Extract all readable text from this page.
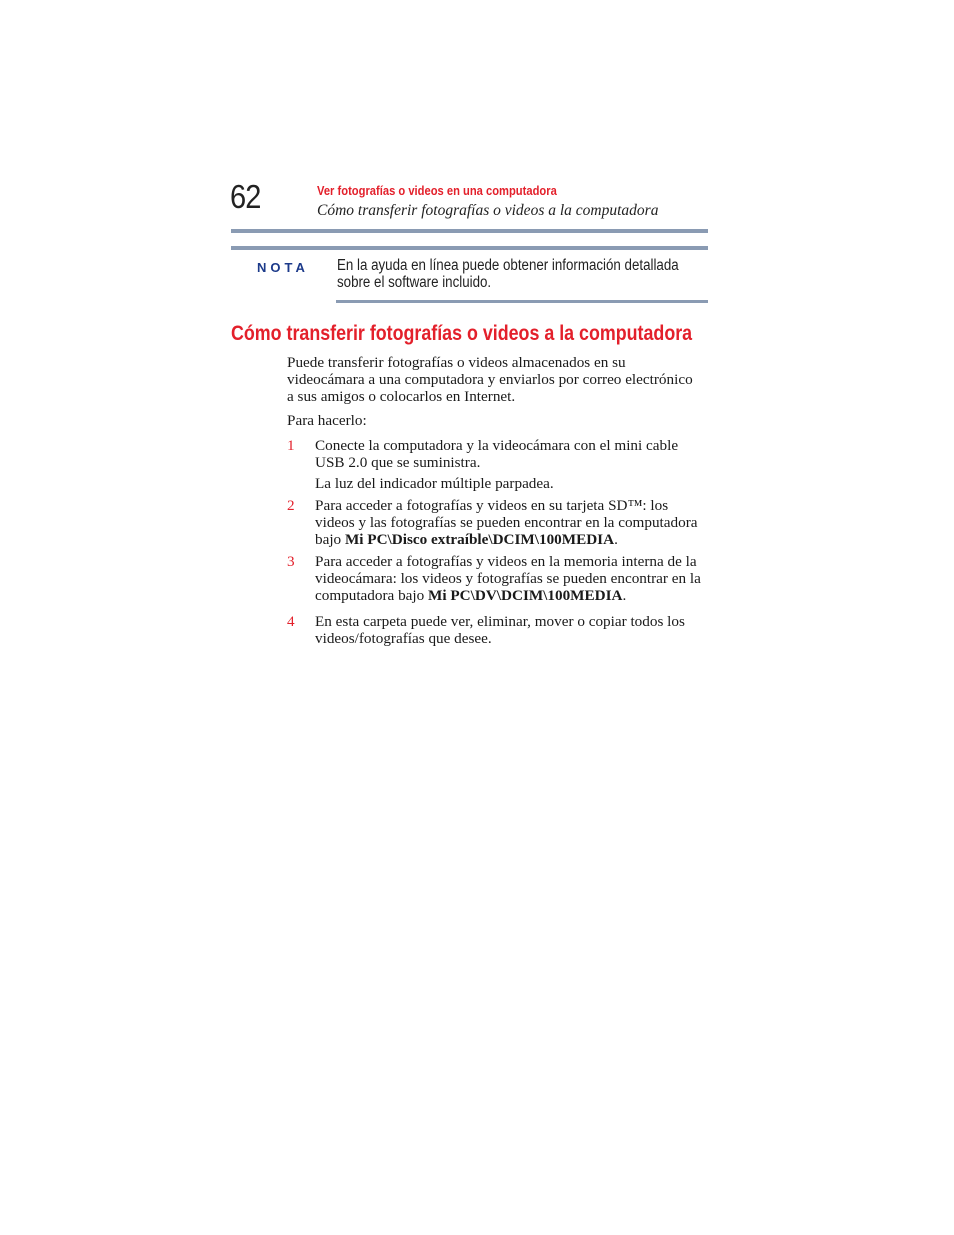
62	Ver fotografías o videos en una computadora
Cómo transferir fotografías o videos a la computadora
NOTA En la ayuda en línea puede obtener información detallada
sobre el software incluido.
Cómo transferir fotografías o videos a la computadora

Puede transferir fotografías o videos almacenados en su
videocámara a una computadora y enviarlos por correo electrónico
a sus amigos o colocarlos en Internet.

Para hacerlo:

1 Conecte la computadora y la videocámara con el mini cable
USB 2.0 que se suministra.

La luz del indicador múltiple parpadea.

2 Para acceder a fotografías y videos en su tarjeta SD™: los
videos y las fotografías se pueden encontrar en la computadora
bajo Mi PC\Disco extraíble\DCIM\100MEDIA.

3 Para acceder a fotografías y videos en la memoria interna de la
videocámara: los videos y fotografías se pueden encontrar en la
computadora bajo Mi PC\DV\DCIM\100MEDIA.

4 En esta carpeta puede ver, eliminar, mover o copiar todos los
videos/fotografías que desee.
